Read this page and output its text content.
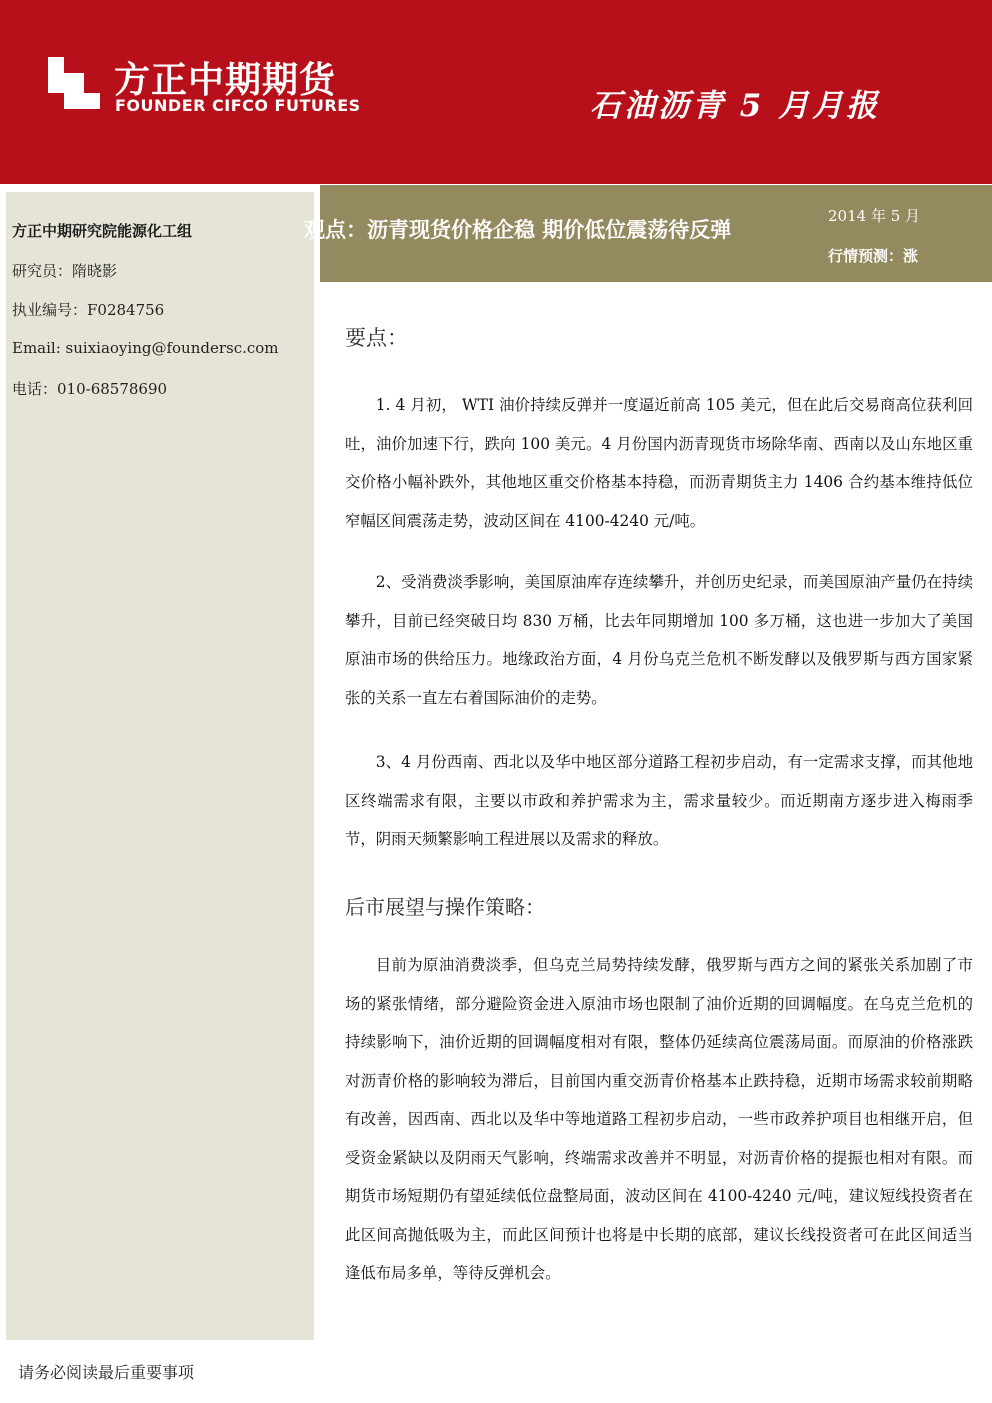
方正中期期货
FOUNDER CIFCO FUTURES	石油沥青 5 月月报
方正中期研究院能源化工组
研究员：隋晓影
执业编号：F0284756
Email: suixiaoying@foundersc.com
电话：010-68578690
观点：沥青现货价格企稳 期价低位震荡待反弹
2014 年 5 月
行情预测：涨
要点：

1. 4 月初， WTI 油价持续反弹并一度逼近前高 105 美元，但在此后交易商高位获利回吐，油价加速下行，跌向 100 美元。4 月份国内沥青现货市场除华南、西南以及山东地区重交价格小幅补跌外，其他地区重交价格基本持稳，而沥青期货主力 1406 合约基本维持低位窄幅区间震荡走势，波动区间在 4100-4240 元/吨。

2、受消费淡季影响，美国原油库存连续攀升，并创历史纪录，而美国原油产量仍在持续攀升，目前已经突破日均 830 万桶，比去年同期增加 100 多万桶，这也进一步加大了美国原油市场的供给压力。地缘政治方面，4 月份乌克兰危机不断发酵以及俄罗斯与西方国家紧张的关系一直左右着国际油价的走势。

3、4 月份西南、西北以及华中地区部分道路工程初步启动，有一定需求支撑，而其他地区终端需求有限，主要以市政和养护需求为主，需求量较少。而近期南方逐步进入梅雨季节，阴雨天频繁影响工程进展以及需求的释放。

后市展望与操作策略：

目前为原油消费淡季，但乌克兰局势持续发酵，俄罗斯与西方之间的紧张关系加剧了市场的紧张情绪，部分避险资金进入原油市场也限制了油价近期的回调幅度。在乌克兰危机的持续影响下，油价近期的回调幅度相对有限，整体仍延续高位震荡局面。而原油的价格涨跌对沥青价格的影响较为滞后，目前国内重交沥青价格基本止跌持稳，近期市场需求较前期略有改善，因西南、西北以及华中等地道路工程初步启动，一些市政养护项目也相继开启，但受资金紧缺以及阴雨天气影响，终端需求改善并不明显，对沥青价格的提振也相对有限。而期货市场短期仍有望延续低位盘整局面，波动区间在 4100-4240 元/吨，建议短线投资者在此区间高抛低吸为主，而此区间预计也将是中长期的底部，建议长线投资者可在此区间适当逢低布局多单，等待反弹机会。

请务必阅读最后重要事项
